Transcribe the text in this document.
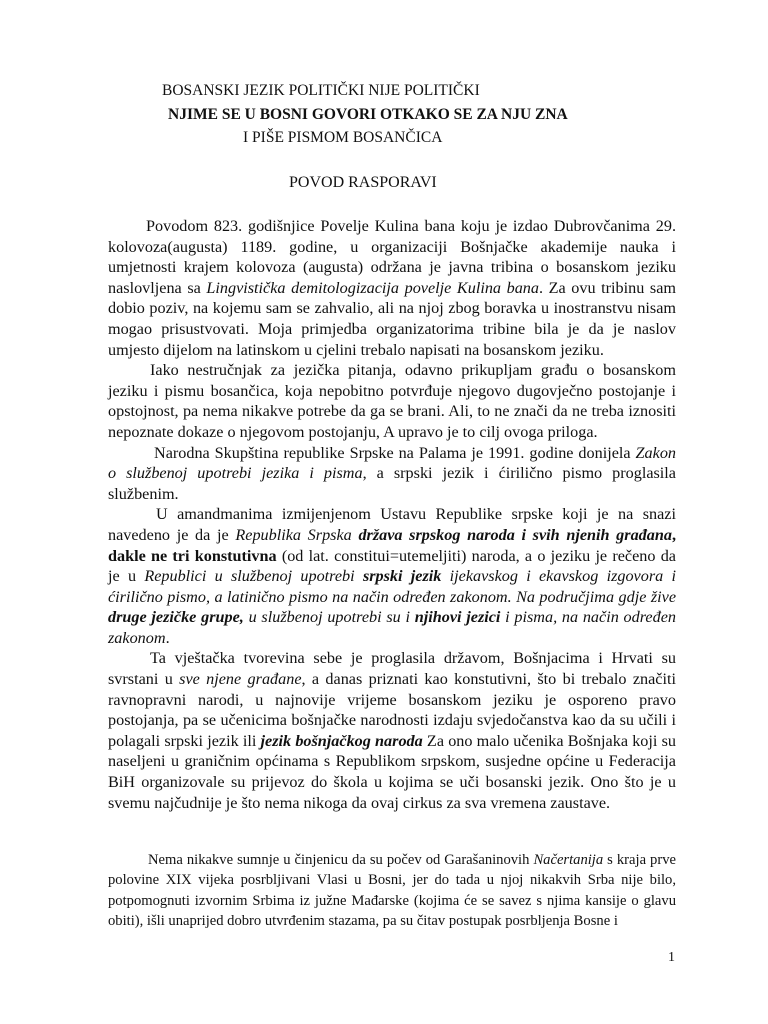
BOSANSKI JEZIK POLITIČKI NIJE POLITIČKI
NJIME SE U BOSNI GOVORI OTKAKO SE ZA NJU ZNA
I PIŠE PISMOM BOSANČICA
POVOD RASPORAVI

Povodom 823. godišnjice Povelje Kulina bana koju je izdao Dubrovčanima 29. kolovoza(augusta) 1189. godine, u organizaciji Bošnjačke akademije nauka i umjetnosti krajem kolovoza (augusta) održana je javna tribina o bosanskom jeziku naslovljena sa Lingvistička demitologizacija povelje Kulina bana. Za ovu tribinu sam dobio poziv, na kojemu sam se zahvalio, ali na njoj zbog boravka u inostranstvu nisam mogao prisustvovati. Moja primjedba organizatorima tribine bila je da je naslov umjesto dijelom na latinskom u cjelini trebalo napisati na bosanskom jeziku.

Iako nestručnjak za jezička pitanja, odavno prikupljam građu o bosanskom jeziku i pismu bosančica, koja nepobitno potvrđuje njegovo dugovječno postojanje i opstojnost, pa nema nikakve potrebe da ga se brani. Ali, to ne znači da ne treba iznositi nepoznate dokaze o njegovom postojanju, A upravo je to cilj ovoga priloga.

Narodna Skupština republike Srpske na Palama je 1991. godine donijela Zakon o službenoj upotrebi jezika i pisma, a srpski jezik i ćirilično pismo proglasila službenim.

U amandmanima izmijenjenom Ustavu Republike srpske koji je na snazi navedeno je da je Republika Srpska država srpskog naroda i svih njenih građana, dakle ne tri konstutivna (od lat. constitui=utemeljiti) naroda, a o jeziku je rečeno da je u Republici u službenoj upotrebi srpski jezik ijekavskog i ekavskog izgovora i ćirilično pismo, a latinično pismo na način određen zakonom. Na područjima gdje žive druge jezičke grupe, u službenoj upotrebi su i njihovi jezici i pisma, na način određen zakonom.

Ta vještačka tvorevina sebe je proglasila državom, Bošnjacima i Hrvati su svrstani u sve njene građane, a danas priznati kao konstutivni, što bi trebalo značiti ravnopravni narodi, u najnovije vrijeme bosanskom jeziku je osporeno pravo postojanja, pa se učenicima bošnjačke narodnosti izdaju svjedočanstva kao da su učili i polagali srpski jezik ili jezik bošnjačkog naroda Za ono malo učenika Bošnjaka koji su naseljeni u graničnim općinama s Republikom srpskom, susjedne općine u Federacija BiH organizovale su prijevoz do škola u kojima se uči bosanski jezik. Ono što je u svemu najčudnije je što nema nikoga da ovaj cirkus za sva vremena zaustave.

Nema nikakve sumnje u činjenicu da su počev od Garašaninovih Načertanija s kraja prve polovine XIX vijeka posrbljivani Vlasi u Bosni, jer do tada u njoj nikakvih Srba nije bilo, potpomognuti izvornim Srbima iz južne Mađarske (kojima će se savez s njima kansije o glavu obiti), išli unaprijed dobro utvrđenim stazama, pa su čitav postupak posrbljenja Bosne i

1
